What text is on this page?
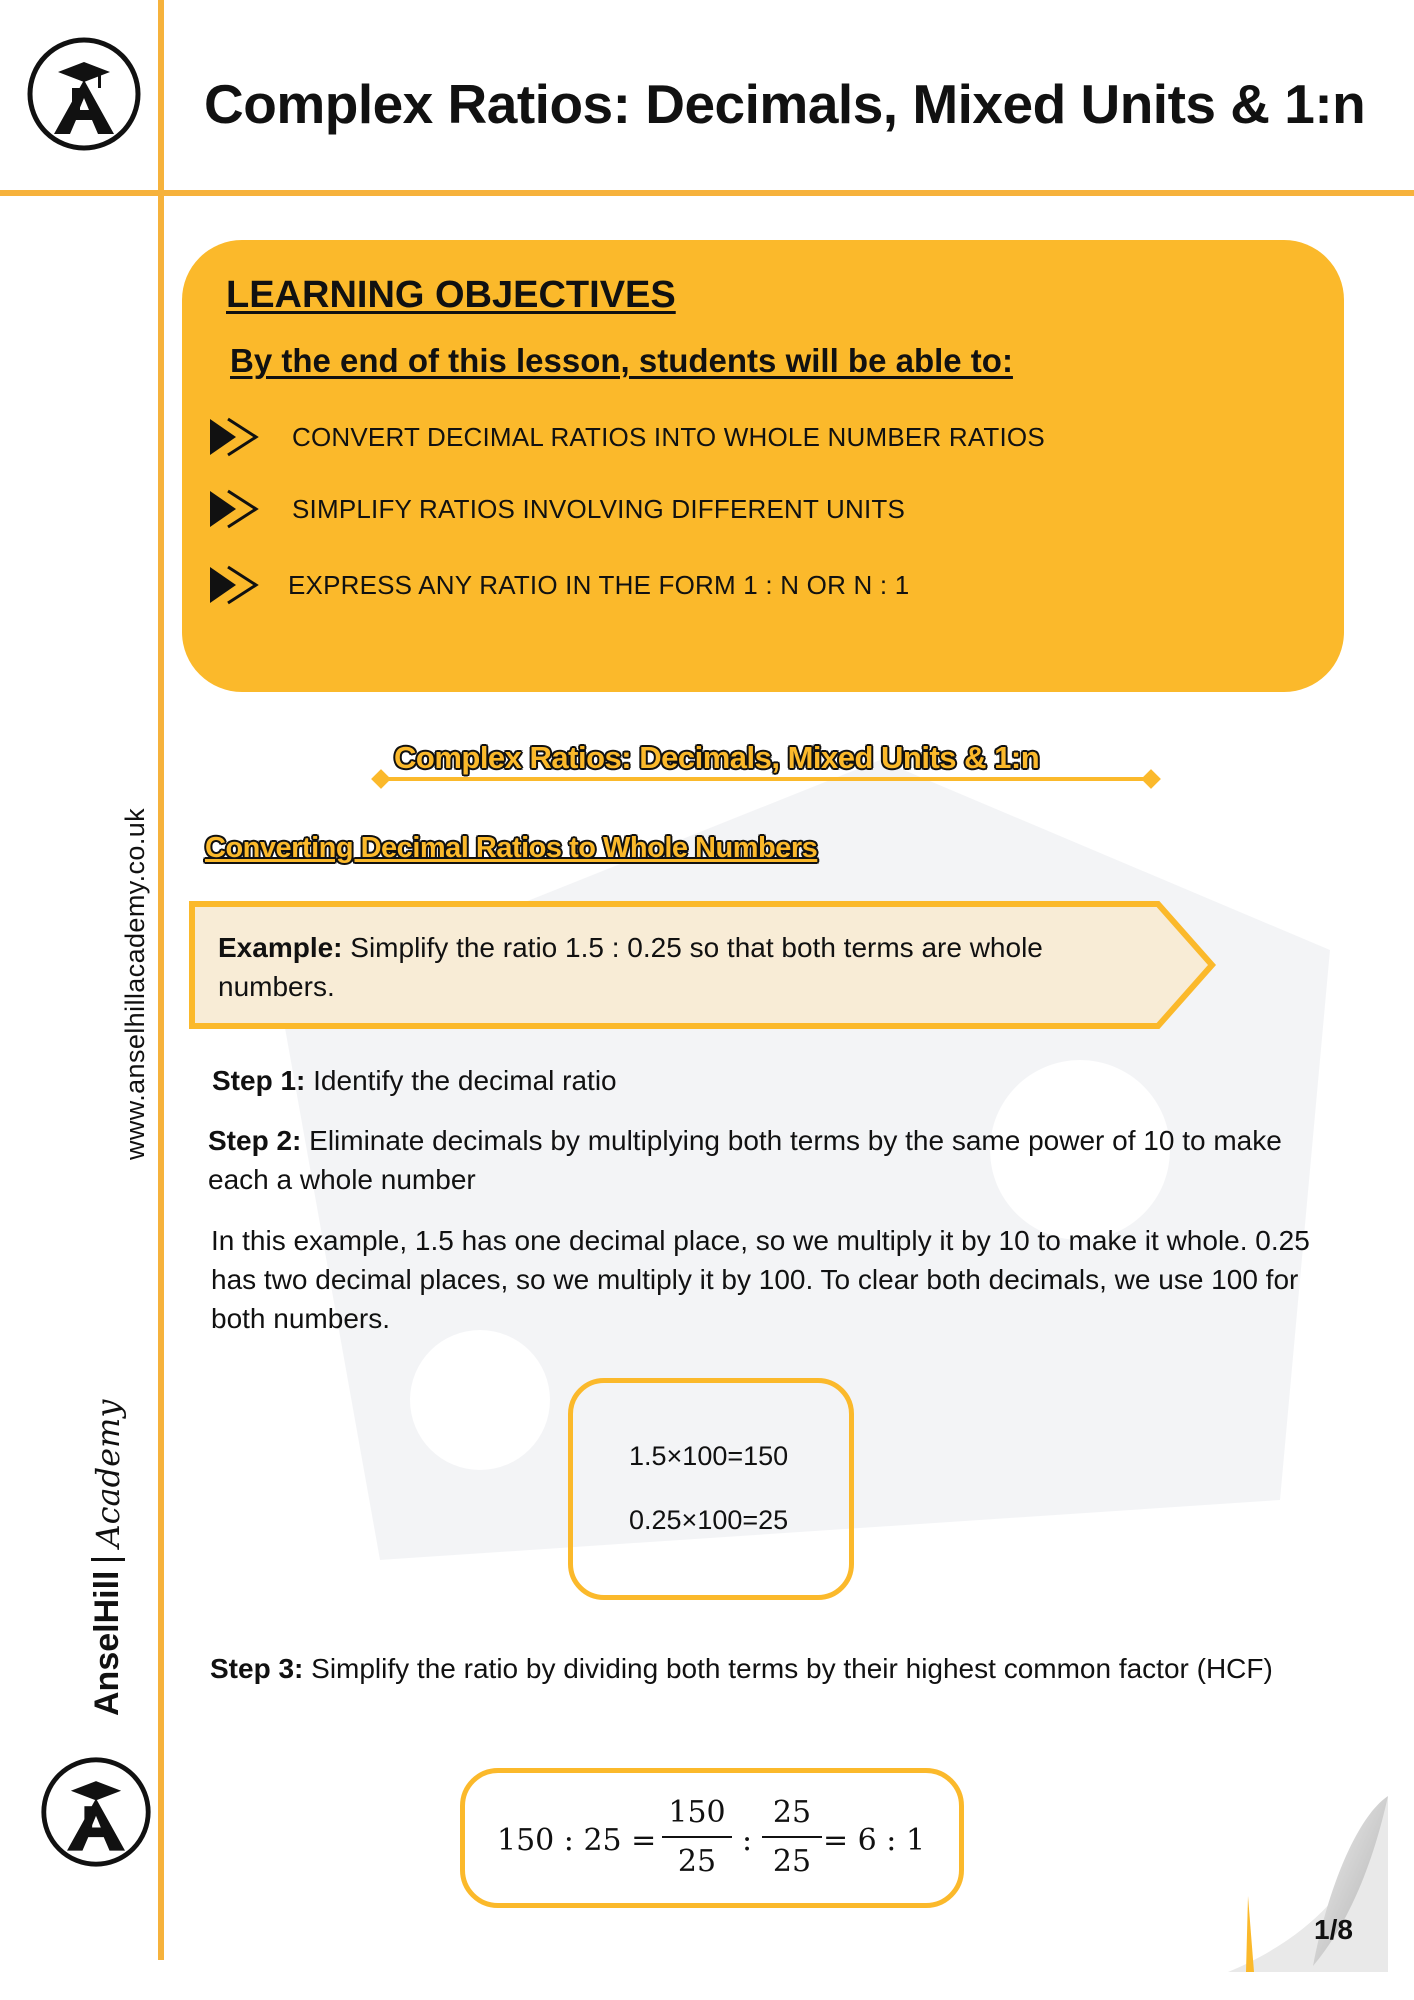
Complex Ratios: Decimals, Mixed Units & 1:n
LEARNING OBJECTIVES
By the end of this lesson, students will be able to:
CONVERT DECIMAL RATIOS INTO WHOLE NUMBER RATIOS
SIMPLIFY RATIOS INVOLVING DIFFERENT UNITS
EXPRESS ANY RATIO IN THE FORM 1 : N OR N : 1
Complex Ratios: Decimals, Mixed Units & 1:n
Converting Decimal Ratios to Whole Numbers
Example: Simplify the ratio 1.5 : 0.25 so that both terms are whole numbers.
Step 1: Identify the decimal ratio
Step 2: Eliminate decimals by multiplying both terms by the same power of 10 to make each a whole number
In this example, 1.5 has one decimal place, so we multiply it by 10 to make it whole. 0.25 has two decimal places, so we multiply it by 100. To clear both decimals, we use 100 for both numbers.
1.5×100=150
0.25×100=25
Step 3: Simplify the ratio by dividing both terms by their highest common factor (HCF)
150 : $25 = \frac{150}{25}$ : $\frac{25}{25} = 6$ : 1
www.anselhillacademy.co.uk
AnselHill
Academy
1/8
